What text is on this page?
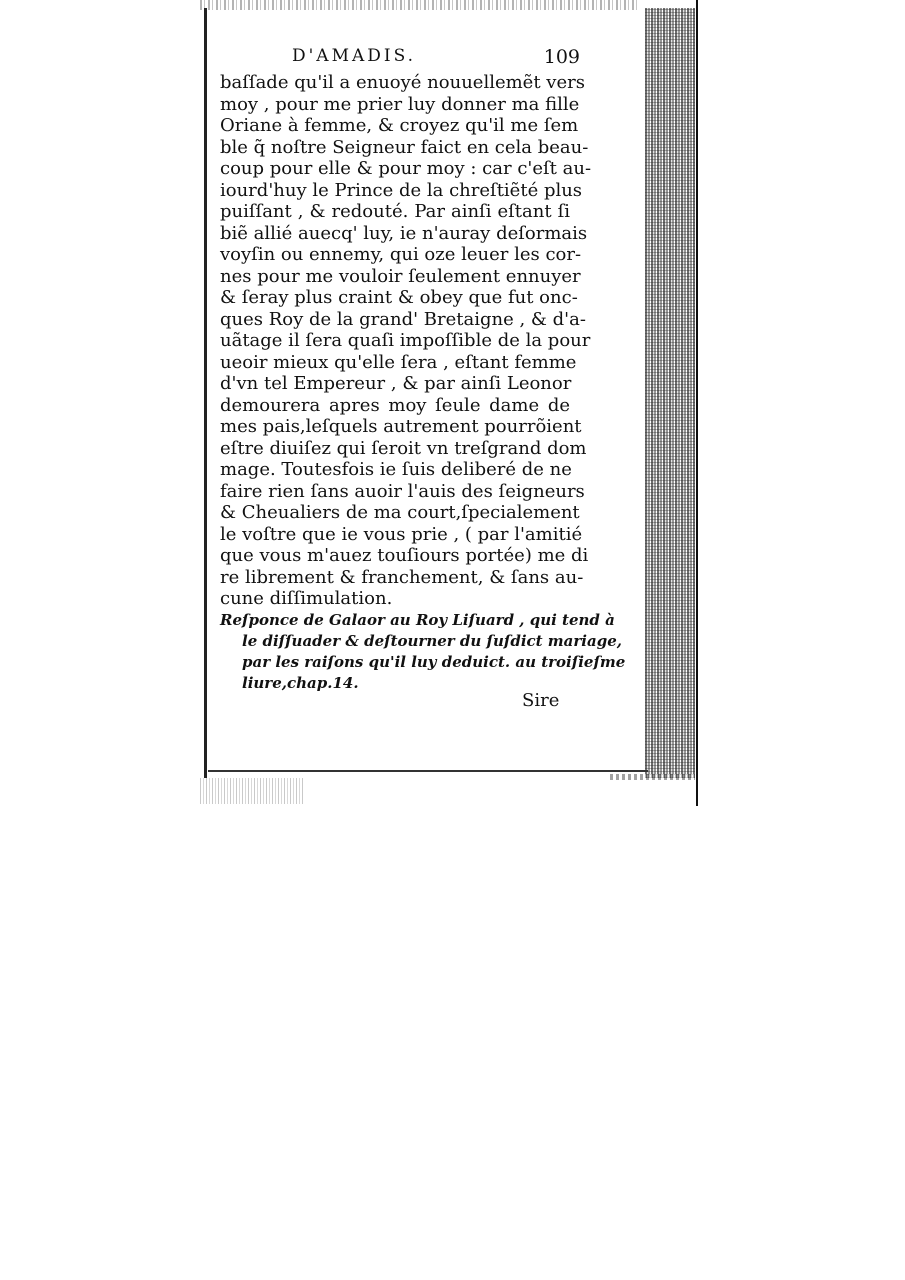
D'AMADIS.	109
baſſade qu'il a enuoyé nouuellemẽt vers
moy , pour me prier luy donner ma fille
Oriane à femme, & croyez qu'il me ſem
ble q̃ noſtre Seigneur faict en cela beau-
coup pour elle & pour moy : car c'eſt au-
iourd'huy le Prince de la chreſtiẽté plus
puiſſant , & redouté. Par ainſi eſtant ſi
biẽ allié auecq' luy, ie n'auray deſormais
voyſin ou ennemy, qui oze leuer les cor-
nes pour me vouloir ſeulement ennuyer
& ſeray plus craint & obey que fut onc-
ques Roy de la grand' Bretaigne , & d'a-
uãtage il ſera quaſi impoſſible de la pour
ueoir mieux qu'elle ſera , eſtant femme
d'vn tel Empereur , & par ainſi Leonor
demourera apres moy ſeule dame de
mes pais,leſquels autrement pourrõient
eſtre diuiſez qui ſeroit vn treſgrand dom
mage. Toutesfois ie ſuis deliberé de ne
faire rien ſans auoir l'auis des ſeigneurs
& Cheualiers de ma court,ſpecialement
le voſtre que ie vous prie , ( par l'amitié
que vous m'auez touſiours portée) me di
re librement & franchement, & ſans au-
cune diſſimulation.
Reſponce de Galaor au Roy Liſuard , qui tend à
le diſſuader & deſtourner du ſuſdict mariage,
par les raiſons qu'il luy deduict. au troiſieſme
liure,chap.14.
Sire
